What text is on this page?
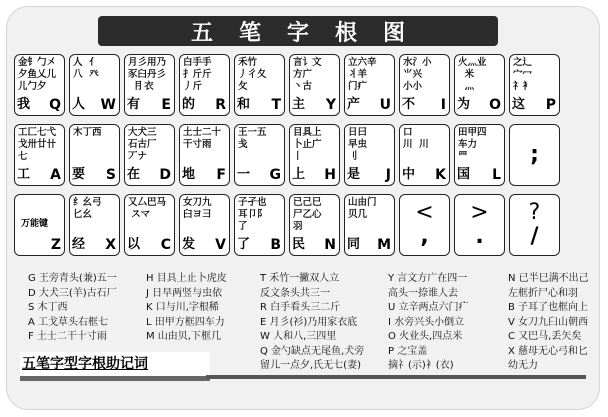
五笔字根图
金钅勹㐅
夕鱼乂儿
儿勹夕
我 Q
人  亻
八  癶
人 W
月彡用乃
豕臼丹彡
⺝衣
有 E
白手手
扌斤斤
丿斤
的 R
禾竹
丿彳夂
攵
和 T
言讠文
方广
丶古
主 Y
立六辛
丬羊
门疒
产 U
水氵小
⺌兴
小小
不 I
火灬业
米
灬
为 O
之辶
宀冖
礻衤
这 P
工匚七弋
戈卅廿卄
七
工 A
木丁西
要 S
大犬三
石古厂
丆ナ
在 D
土士二十
干寸雨
地 F
王一五
戋
一 G
目具上
卜止广
丨
上 H
日曰
早虫
刂
是 J
口
川  川
中 K
田甲四
车力
罒
国 L
万能键
Z
纟幺弓
匕幺
经 X
又厶巴马
スマ
以 C
女刀九
臼ヨ彐
发 V
子孑也
耳卩阝
了
了 B
已己巳
尸乙心
羽
民 N
山由门
贝几
同 M
;
<
,
>
.
?
/
G 王旁青头(兼)五一
D 大犬三(羊)古石厂
S 木丁西
A 工戈草头右框七
F 土士二干十寸雨
H 目具上止卜虎皮
J 日早两竖与虫依
K 口与川,字根稀
L 田甲方框四车力
M 山由贝,下框几
T 禾竹一撇双人立
反文条头共三一
R 白手看头三二斤
E 月彡(衫)乃用家衣底
W 人和八,三四里
Q 金勺缺点无尾鱼,犬旁
留儿一点夕,氏无七(妻)
Y 言文方广在四一
高头一捺谁人去
U 立辛两点六门疒
I 水旁兴头小倒立
O 火业头,四点米
P 之宝盖
摘礻(示)衤(衣)
N 已半巳满不出己
左框折尸心和羽
B 子耳了也框向上
V 女刀九臼山朝西
C 又巴马,丢矢矣
X 慈母无心弓和匕
幼无力
五笔字型字根助记词
